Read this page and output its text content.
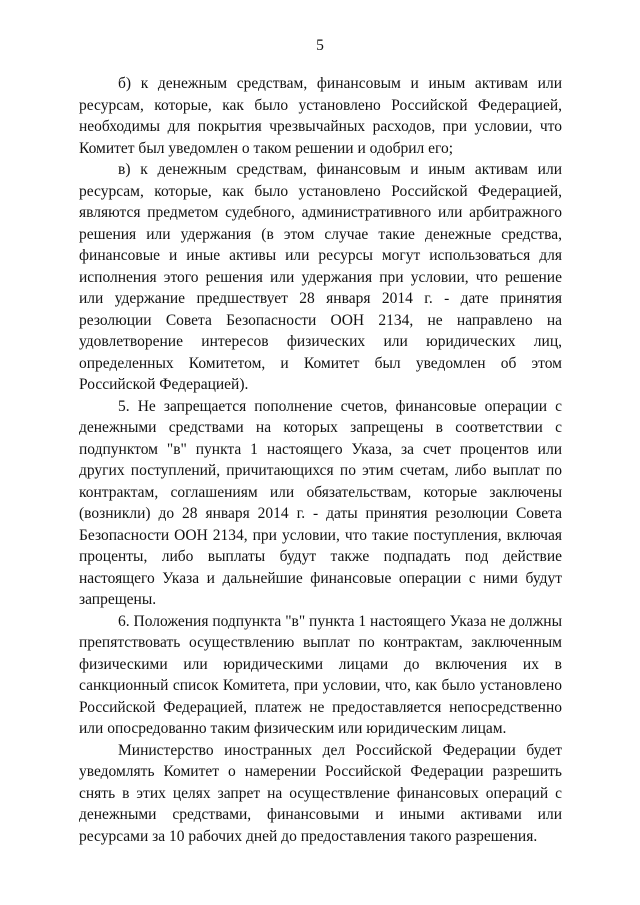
5

б) к денежным средствам, финансовым и иным активам или ресурсам, которые, как было установлено Российской Федерацией, необходимы для покрытия чрезвычайных расходов, при условии, что Комитет был уведомлен о таком решении и одобрил его;

в) к денежным средствам, финансовым и иным активам или ресурсам, которые, как было установлено Российской Федерацией, являются предметом судебного, административного или арбитражного решения или удержания (в этом случае такие денежные средства, финансовые и иные активы или ресурсы могут использоваться для исполнения этого решения или удержания при условии, что решение или удержание предшествует 28 января 2014 г. - дате принятия резолюции Совета Безопасности ООН 2134, не направлено на удовлетворение интересов физических или юридических лиц, определенных Комитетом, и Комитет был уведомлен об этом Российской Федерацией).

5. Не запрещается пополнение счетов, финансовые операции с денежными средствами на которых запрещены в соответствии с подпунктом "в" пункта 1 настоящего Указа, за счет процентов или других поступлений, причитающихся по этим счетам, либо выплат по контрактам, соглашениям или обязательствам, которые заключены (возникли) до 28 января 2014 г. - даты принятия резолюции Совета Безопасности ООН 2134, при условии, что такие поступления, включая проценты, либо выплаты будут также подпадать под действие настоящего Указа и дальнейшие финансовые операции с ними будут запрещены.

6. Положения подпункта "в" пункта 1 настоящего Указа не должны препятствовать осуществлению выплат по контрактам, заключенным физическими или юридическими лицами до включения их в санкционный список Комитета, при условии, что, как было установлено Российской Федерацией, платеж не предоставляется непосредственно или опосредованно таким физическим или юридическим лицам.

Министерство иностранных дел Российской Федерации будет уведомлять Комитет о намерении Российской Федерации разрешить снять в этих целях запрет на осуществление финансовых операций с денежными средствами, финансовыми и иными активами или ресурсами за 10 рабочих дней до предоставления такого разрешения.
